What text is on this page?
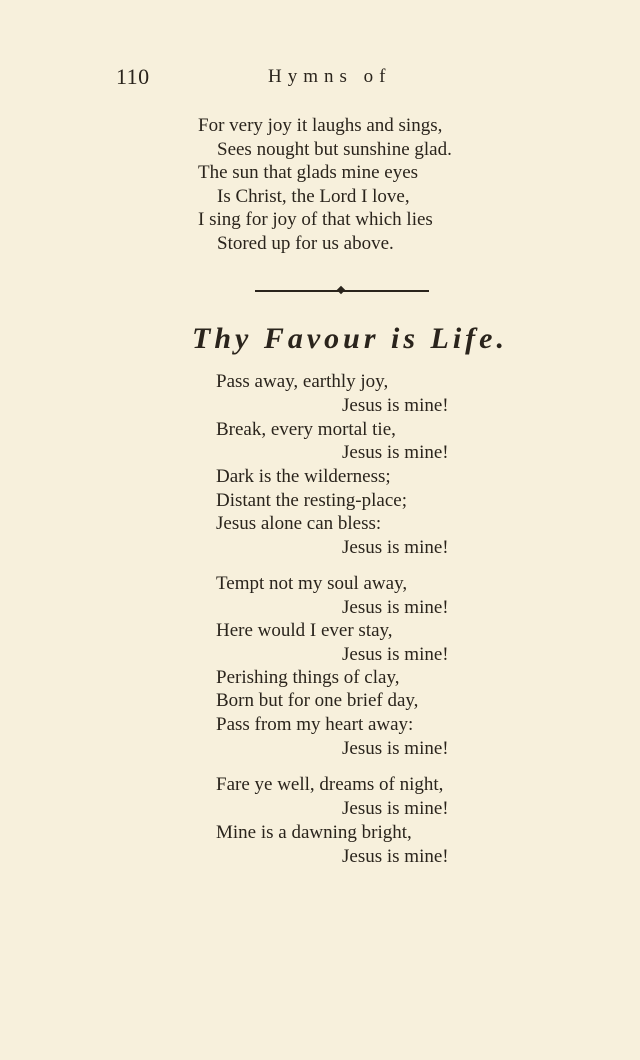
110	Hymns of
For very joy it laughs and sings,
Sees nought but sunshine glad.
The sun that glads mine eyes
Is Christ, the Lord I love,
I sing for joy of that which lies
Stored up for us above.
Thy Favour is Life.
Pass away, earthly joy,
Jesus is mine!
Break, every mortal tie,
Jesus is mine!
Dark is the wilderness;
Distant the resting-place;
Jesus alone can bless:
Jesus is mine!
Tempt not my soul away,
Jesus is mine!
Here would I ever stay,
Jesus is mine!
Perishing things of clay,
Born but for one brief day,
Pass from my heart away:
Jesus is mine!
Fare ye well, dreams of night,
Jesus is mine!
Mine is a dawning bright,
Jesus is mine!
